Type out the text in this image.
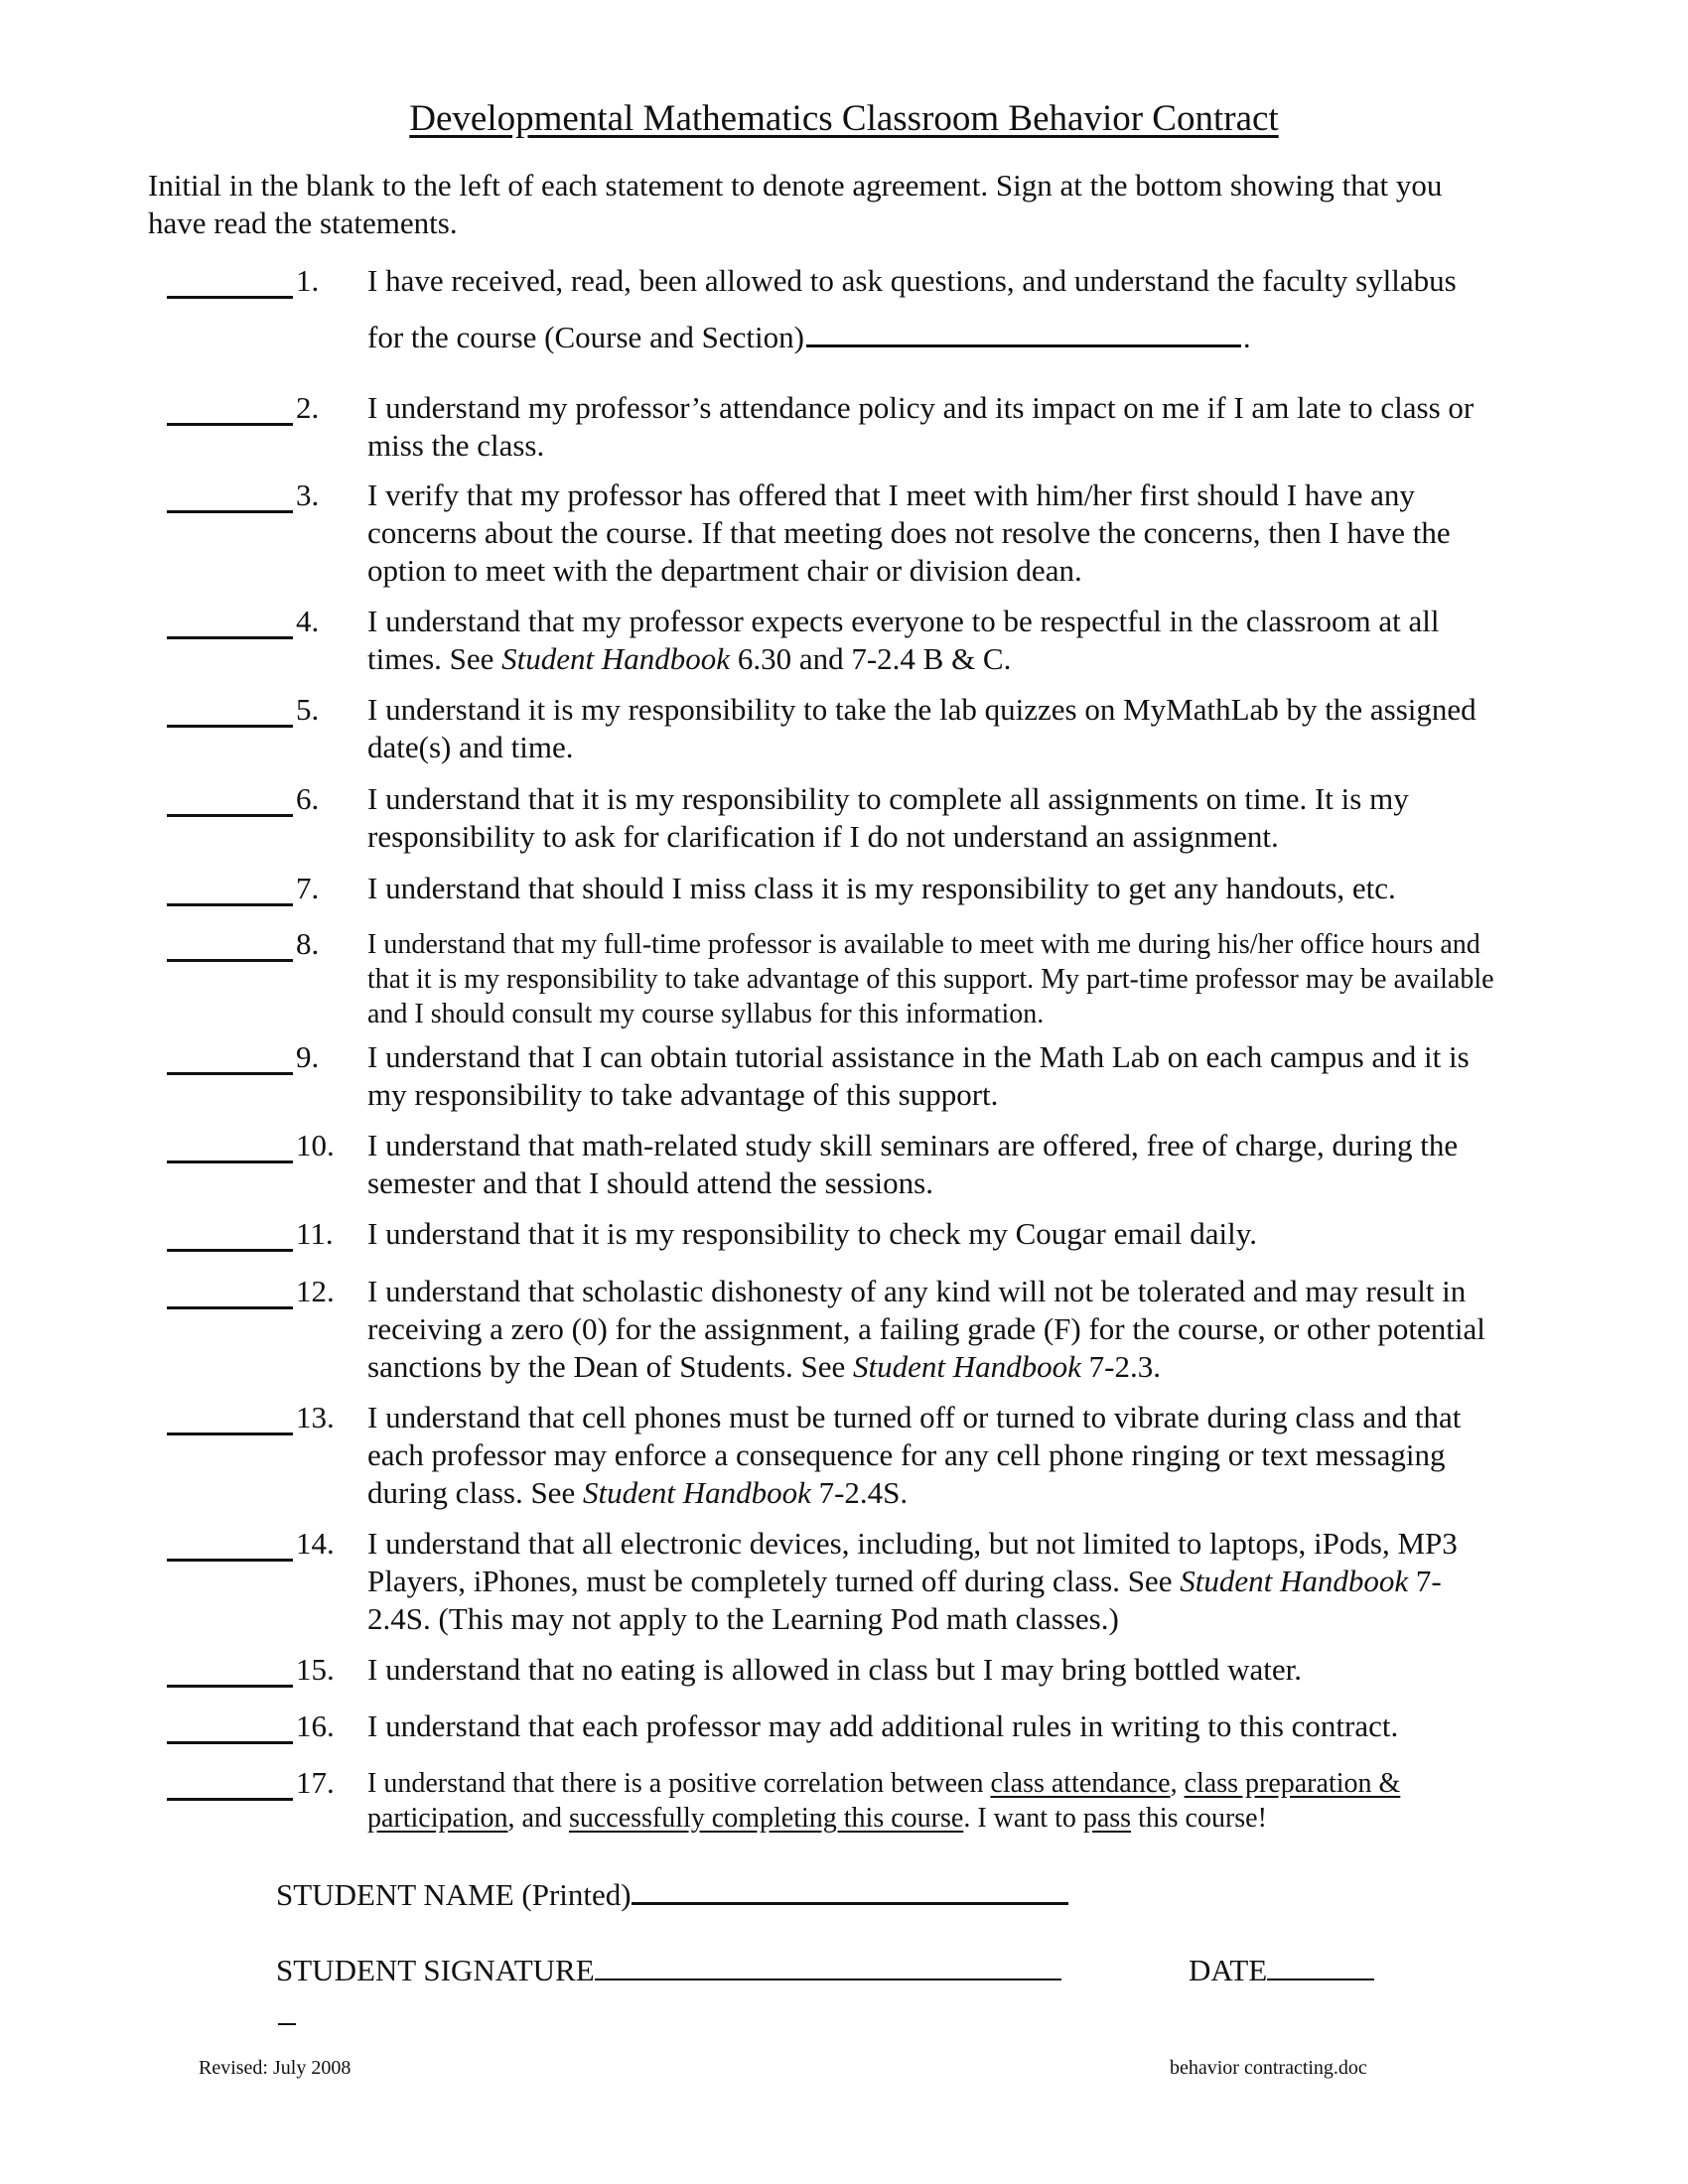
Developmental Mathematics Classroom Behavior Contract
Initial in the blank to the left of each statement to denote agreement. Sign at the bottom showing that you have read the statements.
1. I have received, read, been allowed to ask questions, and understand the faculty syllabus for the course (Course and Section)	.
2. I understand my professor’s attendance policy and its impact on me if I am late to class or miss the class.
3. I verify that my professor has offered that I meet with him/her first should I have any concerns about the course. If that meeting does not resolve the concerns, then I have the option to meet with the department chair or division dean.
4. I understand that my professor expects everyone to be respectful in the classroom at all times. See Student Handbook 6.30 and 7-2.4 B & C.
5. I understand it is my responsibility to take the lab quizzes on MyMathLab by the assigned date(s) and time.
6. I understand that it is my responsibility to complete all assignments on time. It is my responsibility to ask for clarification if I do not understand an assignment.
7. I understand that should I miss class it is my responsibility to get any handouts, etc.
8. I understand that my full-time professor is available to meet with me during his/her office hours and that it is my responsibility to take advantage of this support. My part-time professor may be available and I should consult my course syllabus for this information.
9. I understand that I can obtain tutorial assistance in the Math Lab on each campus and it is my responsibility to take advantage of this support.
10. I understand that math-related study skill seminars are offered, free of charge, during the semester and that I should attend the sessions.
11. I understand that it is my responsibility to check my Cougar email daily.
12. I understand that scholastic dishonesty of any kind will not be tolerated and may result in receiving a zero (0) for the assignment, a failing grade (F) for the course, or other potential sanctions by the Dean of Students. See Student Handbook 7-2.3.
13. I understand that cell phones must be turned off or turned to vibrate during class and that each professor may enforce a consequence for any cell phone ringing or text messaging during class. See Student Handbook 7-2.4S.
14. I understand that all electronic devices, including, but not limited to laptops, iPods, MP3 Players, iPhones, must be completely turned off during class. See Student Handbook 7-2.4S. (This may not apply to the Learning Pod math classes.)
15. I understand that no eating is allowed in class but I may bring bottled water.
16. I understand that each professor may add additional rules in writing to this contract.
17. I understand that there is a positive correlation between class attendance, class preparation & participation, and successfully completing this course. I want to pass this course!
STUDENT NAME (Printed)
STUDENT SIGNATURE	DATE
Revised: July 2008	behavior contracting.doc
